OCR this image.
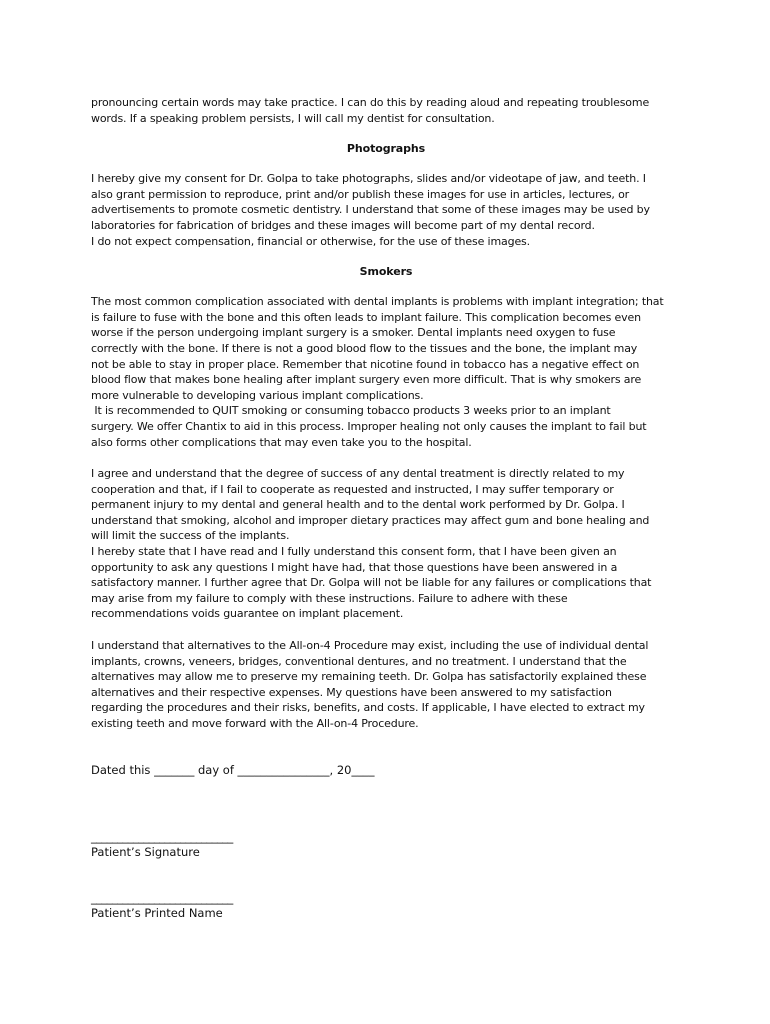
pronouncing certain words may take practice. I can do this by reading aloud and repeating troublesome
words. If a speaking problem persists, I will call my dentist for consultation.
Photographs
I hereby give my consent for Dr. Golpa to take photographs, slides and/or videotape of jaw, and teeth. I
also grant permission to reproduce, print and/or publish these images for use in articles, lectures, or
advertisements to promote cosmetic dentistry. I understand that some of these images may be used by
laboratories for fabrication of bridges and these images will become part of my dental record.
I do not expect compensation, financial or otherwise, for the use of these images.
Smokers
The most common complication associated with dental implants is problems with implant integration; that
is failure to fuse with the bone and this often leads to implant failure. This complication becomes even
worse if the person undergoing implant surgery is a smoker. Dental implants need oxygen to fuse
correctly with the bone. If there is not a good blood flow to the tissues and the bone, the implant may
not be able to stay in proper place. Remember that nicotine found in tobacco has a negative effect on
blood flow that makes bone healing after implant surgery even more difficult. That is why smokers are
more vulnerable to developing various implant complications.
It is recommended to QUIT smoking or consuming tobacco products 3 weeks prior to an implant
surgery. We offer Chantix to aid in this process. Improper healing not only causes the implant to fail but
also forms other complications that may even take you to the hospital.
I agree and understand that the degree of success of any dental treatment is directly related to my
cooperation and that, if I fail to cooperate as requested and instructed, I may suffer temporary or
permanent injury to my dental and general health and to the dental work performed by Dr. Golpa. I
understand that smoking, alcohol and improper dietary practices may affect gum and bone healing and
will limit the success of the implants.
I hereby state that I have read and I fully understand this consent form, that I have been given an
opportunity to ask any questions I might have had, that those questions have been answered in a
satisfactory manner. I further agree that Dr. Golpa will not be liable for any failures or complications that
may arise from my failure to comply with these instructions. Failure to adhere with these
recommendations voids guarantee on implant placement.
I understand that alternatives to the All-on-4 Procedure may exist, including the use of individual dental
implants, crowns, veneers, bridges, conventional dentures, and no treatment. I understand that the
alternatives may allow me to preserve my remaining teeth. Dr. Golpa has satisfactorily explained these
alternatives and their respective expenses. My questions have been answered to my satisfaction
regarding the procedures and their risks, benefits, and costs. If applicable, I have elected to extract my
existing teeth and move forward with the All-on-4 Procedure.
Dated this _______ day of ________________, 20____
___________________________
Patient’s Signature
___________________________
Patient’s Printed Name
